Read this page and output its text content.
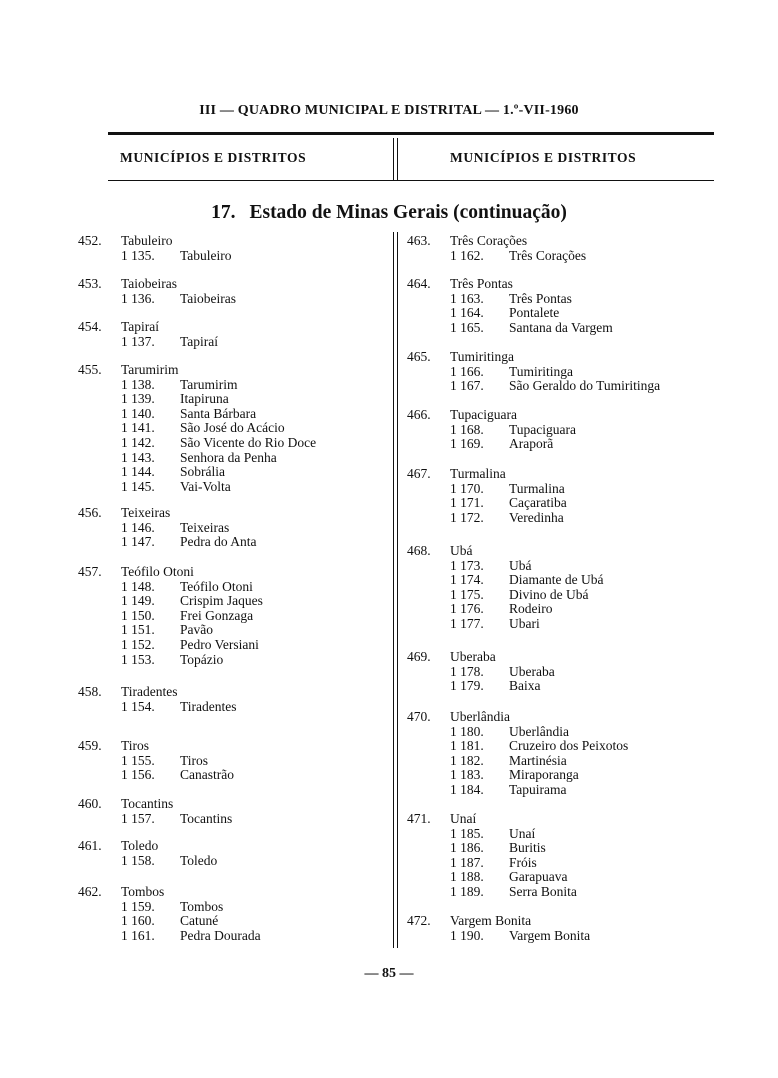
III — QUADRO MUNICIPAL E DISTRITAL — 1.º-VII-1960
MUNICÍPIOS E DISTRITOS	MUNICÍPIOS E DISTRITOS
17. Estado de Minas Gerais (continuação)
452.	Tabuleiro
1 135.	Tabuleiro
453.	Taiobeiras
1 136.	Taiobeiras
454.	Tapiraí
1 137.	Tapiraí
455.	Tarumirim
1 138.	Tarumirim
1 139.	Itapiruna
1 140.	Santa Bárbara
1 141.	São José do Acácio
1 142.	São Vicente do Rio Doce
1 143.	Senhora da Penha
1 144.	Sobrália
1 145.	Vai-Volta
456.	Teixeiras
1 146.	Teixeiras
1 147.	Pedra do Anta
457.	Teófilo Otoni
1 148.	Teófilo Otoni
1 149.	Crispim Jaques
1 150.	Frei Gonzaga
1 151.	Pavão
1 152.	Pedro Versiani
1 153.	Topázio
458.	Tiradentes
1 154.	Tiradentes
459.	Tiros
1 155.	Tiros
1 156.	Canastrão
460.	Tocantins
1 157.	Tocantins
461.	Toledo
1 158.	Toledo
462.	Tombos
1 159.	Tombos
1 160.	Catuné
1 161.	Pedra Dourada
463.	Três Corações
1 162.	Três Corações
464.	Três Pontas
1 163.	Três Pontas
1 164.	Pontalete
1 165.	Santana da Vargem
465.	Tumiritinga
1 166.	Tumiritinga
1 167.	São Geraldo do Tumiritinga
466.	Tupaciguara
1 168.	Tupaciguara
1 169.	Araporã
467.	Turmalina
1 170.	Turmalina
1 171.	Caçaratiba
1 172.	Veredinha
468.	Ubá
1 173.	Ubá
1 174.	Diamante de Ubá
1 175.	Divino de Ubá
1 176.	Rodeiro
1 177.	Ubari
469.	Uberaba
1 178.	Uberaba
1 179.	Baixa
470.	Uberlândia
1 180.	Uberlândia
1 181.	Cruzeiro dos Peixotos
1 182.	Martinésia
1 183.	Miraporanga
1 184.	Tapuirama
471.	Unaí
1 185.	Unaí
1 186.	Buritis
1 187.	Fróis
1 188.	Garapuava
1 189.	Serra Bonita
472.	Vargem Bonita
1 190.	Vargem Bonita
— 85 —
